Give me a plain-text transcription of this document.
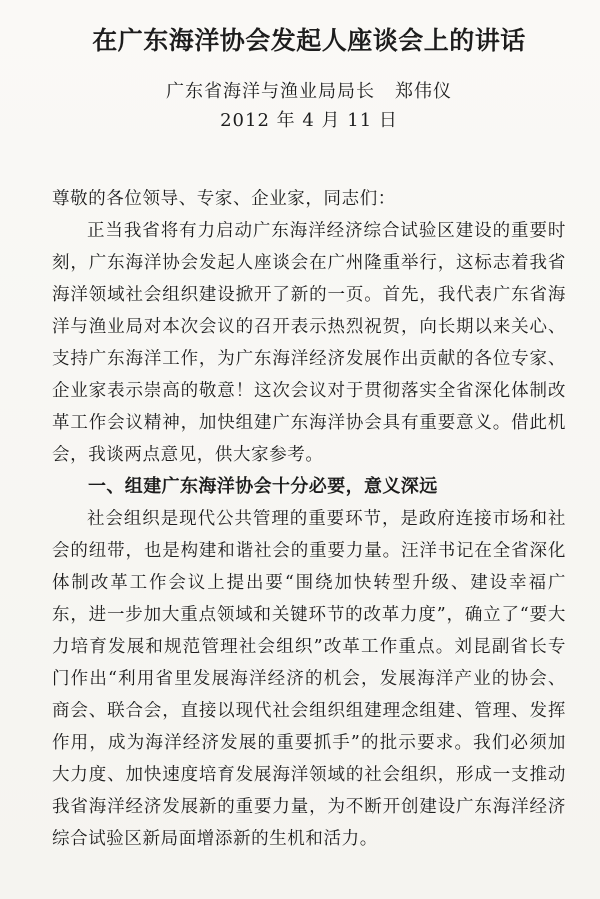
在广东海洋协会发起人座谈会上的讲话

广东省海洋与渔业局局长 郑伟仪

2012 年 4 月 11 日

尊敬的各位领导、专家、企业家，同志们：

正当我省将有力启动广东海洋经济综合试验区建设的重要时刻，广东海洋协会发起人座谈会在广州隆重举行，这标志着我省海洋领域社会组织建设掀开了新的一页。首先，我代表广东省海洋与渔业局对本次会议的召开表示热烈祝贺，向长期以来关心、支持广东海洋工作，为广东海洋经济发展作出贡献的各位专家、企业家表示崇高的敬意！这次会议对于贯彻落实全省深化体制改革工作会议精神，加快组建广东海洋协会具有重要意义。借此机会，我谈两点意见，供大家参考。

一、组建广东海洋协会十分必要，意义深远

社会组织是现代公共管理的重要环节，是政府连接市场和社会的纽带，也是构建和谐社会的重要力量。汪洋书记在全省深化体制改革工作会议上提出要“围绕加快转型升级、建设幸福广东，进一步加大重点领域和关键环节的改革力度”，确立了“要大力培育发展和规范管理社会组织”改革工作重点。刘昆副省长专门作出“利用省里发展海洋经济的机会，发展海洋产业的协会、商会、联合会，直接以现代社会组织组建理念组建、管理、发挥作用，成为海洋经济发展的重要抓手”的批示要求。我们必须加大力度、加快速度培育发展海洋领域的社会组织，形成一支推动我省海洋经济发展新的重要力量，为不断开创建设广东海洋经济综合试验区新局面增添新的生机和活力。
